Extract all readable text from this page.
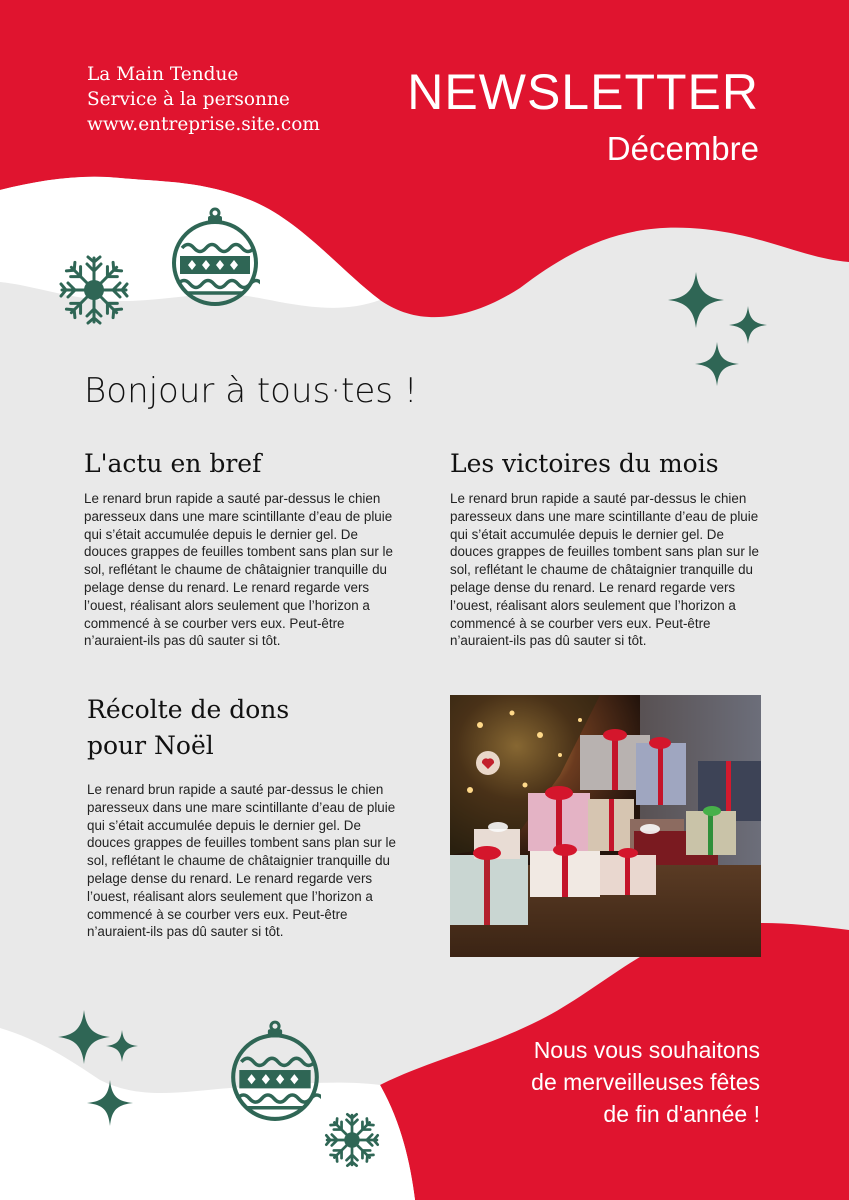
La Main Tendue
Service à la personne
www.entreprise.site.com
NEWSLETTER
Décembre
Bonjour à tous·tes !
L'actu en bref
Le renard brun rapide a sauté par-dessus le chien paresseux dans une mare scintillante d’eau de pluie qui s’était accumulée depuis le dernier gel. De douces grappes de feuilles tombent sans plan sur le sol, reflétant le chaume de châtaignier tranquille du pelage dense du renard. Le renard regarde vers l’ouest, réalisant alors seulement que l’horizon a commencé à se courber vers eux. Peut-être n’auraient-ils pas dû sauter si tôt.
Les victoires du mois
Le renard brun rapide a sauté par-dessus le chien paresseux dans une mare scintillante d’eau de pluie qui s’était accumulée depuis le dernier gel. De douces grappes de feuilles tombent sans plan sur le sol, reflétant le chaume de châtaignier tranquille du pelage dense du renard. Le renard regarde vers l’ouest, réalisant alors seulement que l’horizon a commencé à se courber vers eux. Peut-être n’auraient-ils pas dû sauter si tôt.
Récolte de dons
pour Noël
Le renard brun rapide a sauté par-dessus le chien paresseux dans une mare scintillante d’eau de pluie qui s’était accumulée depuis le dernier gel. De douces grappes de feuilles tombent sans plan sur le sol, reflétant le chaume de châtaignier tranquille du pelage dense du renard. Le renard regarde vers l’ouest, réalisant alors seulement que l’horizon a commencé à se courber vers eux. Peut-être n’auraient-ils pas dû sauter si tôt.
Nous vous souhaitons
de merveilleuses fêtes
de fin d'année !
